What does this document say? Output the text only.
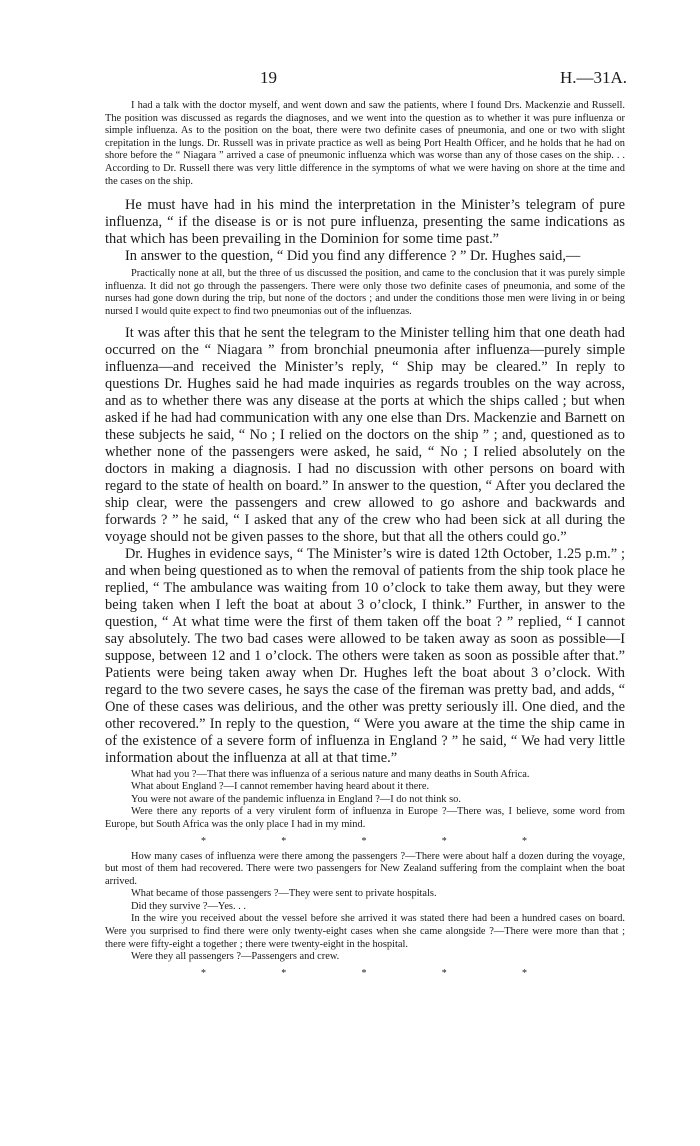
19	H.—31A.

I had a talk with the doctor myself, and went down and saw the patients, where I found Drs. Mackenzie and Russell. The position was discussed as regards the diagnoses, and we went into the question as to whether it was pure influenza or simple influenza. As to the position on the boat, there were two definite cases of pneumonia, and one or two with slight crepitation in the lungs. Dr. Russell was in private practice as well as being Port Health Officer, and he holds that he had on shore before the “ Niagara ” arrived a case of pneumonic influenza which was worse than any of those cases on the ship. . . According to Dr. Russell there was very little difference in the symptoms of what we were having on shore at the time and the cases on the ship.

He must have had in his mind the interpretation in the Minister’s telegram of pure influenza, “ if the disease is or is not pure influenza, presenting the same indications as that which has been prevailing in the Dominion for some time past.”

In answer to the question, “ Did you find any difference ? ” Dr. Hughes said,—

Practically none at all, but the three of us discussed the position, and came to the conclusion that it was purely simple influenza. It did not go through the passengers. There were only those two definite cases of pneumonia, and some of the nurses had gone down during the trip, but none of the doctors ; and under the conditions those men were living in or being nursed I would quite expect to find two pneumonias out of the influenzas.

It was after this that he sent the telegram to the Minister telling him that one death had occurred on the “ Niagara ” from bronchial pneumonia after influenza—purely simple influenza—and received the Minister’s reply, “ Ship may be cleared.” In reply to questions Dr. Hughes said he had made inquiries as regards troubles on the way across, and as to whether there was any disease at the ports at which the ships called ; but when asked if he had had communication with any one else than Drs. Mackenzie and Barnett on these subjects he said, “ No ; I relied on the doctors on the ship ” ; and, questioned as to whether none of the passengers were asked, he said, “ No ; I relied absolutely on the doctors in making a diagnosis. I had no discussion with other persons on board with regard to the state of health on board.” In answer to the question, “ After you declared the ship clear, were the passengers and crew allowed to go ashore and backwards and forwards ? ” he said, “ I asked that any of the crew who had been sick at all during the voyage should not be given passes to the shore, but that all the others could go.”

Dr. Hughes in evidence says, “ The Minister’s wire is dated 12th October, 1.25 p.m.” ; and when being questioned as to when the removal of patients from the ship took place he replied, “ The ambulance was waiting from 10 o’clock to take them away, but they were being taken when I left the boat at about 3 o’clock, I think.” Further, in answer to the question, “ At what time were the first of them taken off the boat ? ” replied, “ I cannot say absolutely. The two bad cases were allowed to be taken away as soon as possible—I suppose, between 12 and 1 o’clock. The others were taken as soon as possible after that.” Patients were being taken away when Dr. Hughes left the boat about 3 o’clock. With regard to the two severe cases, he says the case of the fireman was pretty bad, and adds, “ One of these cases was delirious, and the other was pretty seriously ill. One died, and the other recovered.” In reply to the question, “ Were you aware at the time the ship came in of the existence of a severe form of influenza in England ? ” he said, “ We had very little information about the influenza at all at that time.”

What had you ?—That there was influenza of a serious nature and many deaths in South Africa.

What about England ?—I cannot remember having heard about it there.

You were not aware of the pandemic influenza in England ?—I do not think so.

Were there any reports of a very virulent form of influenza in Europe ?—There was, I believe, some word from Europe, but South Africa was the only place I had in my mind.

*	*	*	*	*

How many cases of influenza were there among the passengers ?—There were about half a dozen during the voyage, but most of them had recovered. There were two passengers for New Zealand suffering from the complaint when the boat arrived.

What became of those passengers ?—They were sent to private hospitals.

Did they survive ?—Yes. . .

In the wire you received about the vessel before she arrived it was stated there had been a hundred cases on board. Were you surprised to find there were only twenty-eight cases when she came alongside ?—There were more than that ; there were fifty-eight a together ; there were twenty-eight in the hospital.

Were they all passengers ?—Passengers and crew.

*	*	*	*	*
